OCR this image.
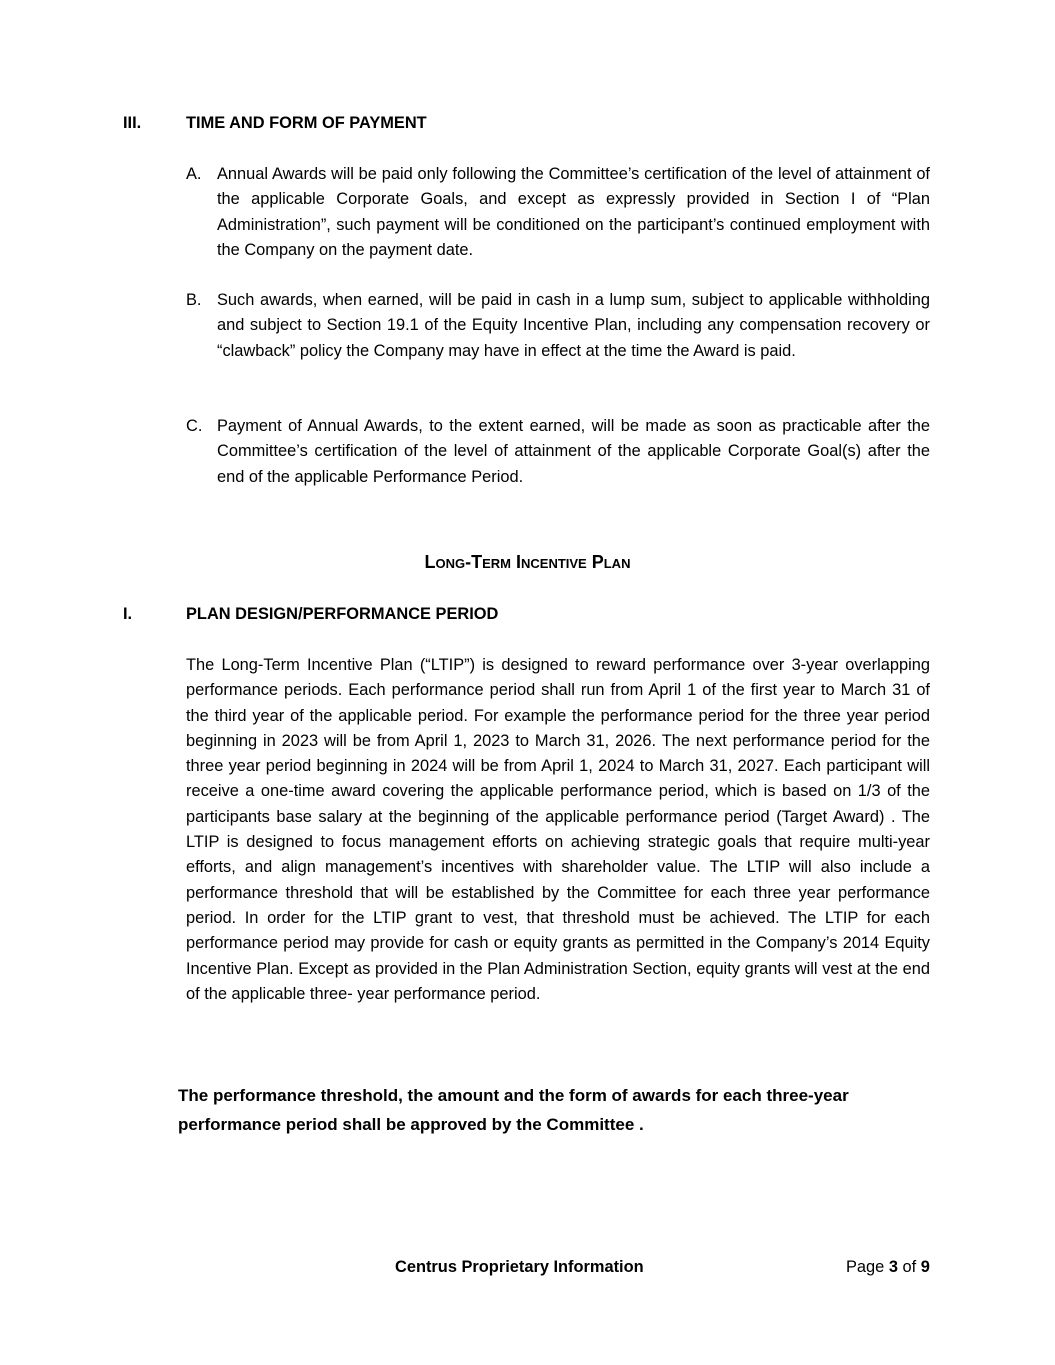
III.	TIME AND FORM OF PAYMENT
A. Annual Awards will be paid only following the Committee’s certification of the level of attainment of the applicable Corporate Goals, and except as expressly provided in Section I of “Plan Administration”, such payment will be conditioned on the participant’s continued employment with the Company on the payment date.
B. Such awards, when earned, will be paid in cash in a lump sum, subject to applicable withholding and subject to Section 19.1 of the Equity Incentive Plan, including any compensation recovery or “clawback” policy the Company may have in effect at the time the Award is paid.
C. Payment of Annual Awards, to the extent earned, will be made as soon as practicable after the Committee’s certification of the level of attainment of the applicable Corporate Goal(s) after the end of the applicable Performance Period.
Long-Term Incentive Plan
I.	PLAN DESIGN/PERFORMANCE PERIOD
The Long-Term Incentive Plan (“LTIP”) is designed to reward performance over 3-year overlapping performance periods. Each performance period shall run from April 1 of the first year to March 31 of the third year of the applicable period. For example the performance period for the three year period beginning in 2023 will be from April 1, 2023 to March 31, 2026. The next performance period for the three year period beginning in 2024 will be from April 1, 2024 to March 31, 2027. Each participant will receive a one-time award covering the applicable performance period, which is based on 1/3 of the participants base salary at the beginning of the applicable performance period (Target Award) . The LTIP is designed to focus management efforts on achieving strategic goals that require multi-year efforts, and align management’s incentives with shareholder value. The LTIP will also include a performance threshold that will be established by the Committee for each three year performance period. In order for the LTIP grant to vest, that threshold must be achieved. The LTIP for each performance period may provide for cash or equity grants as permitted in the Company’s 2014 Equity Incentive Plan. Except as provided in the Plan Administration Section, equity grants will vest at the end of the applicable three- year performance period.
The performance threshold, the amount and the form of awards for each three-year performance period shall be approved by the Committee .
Centrus Proprietary Information	Page 3 of 9
